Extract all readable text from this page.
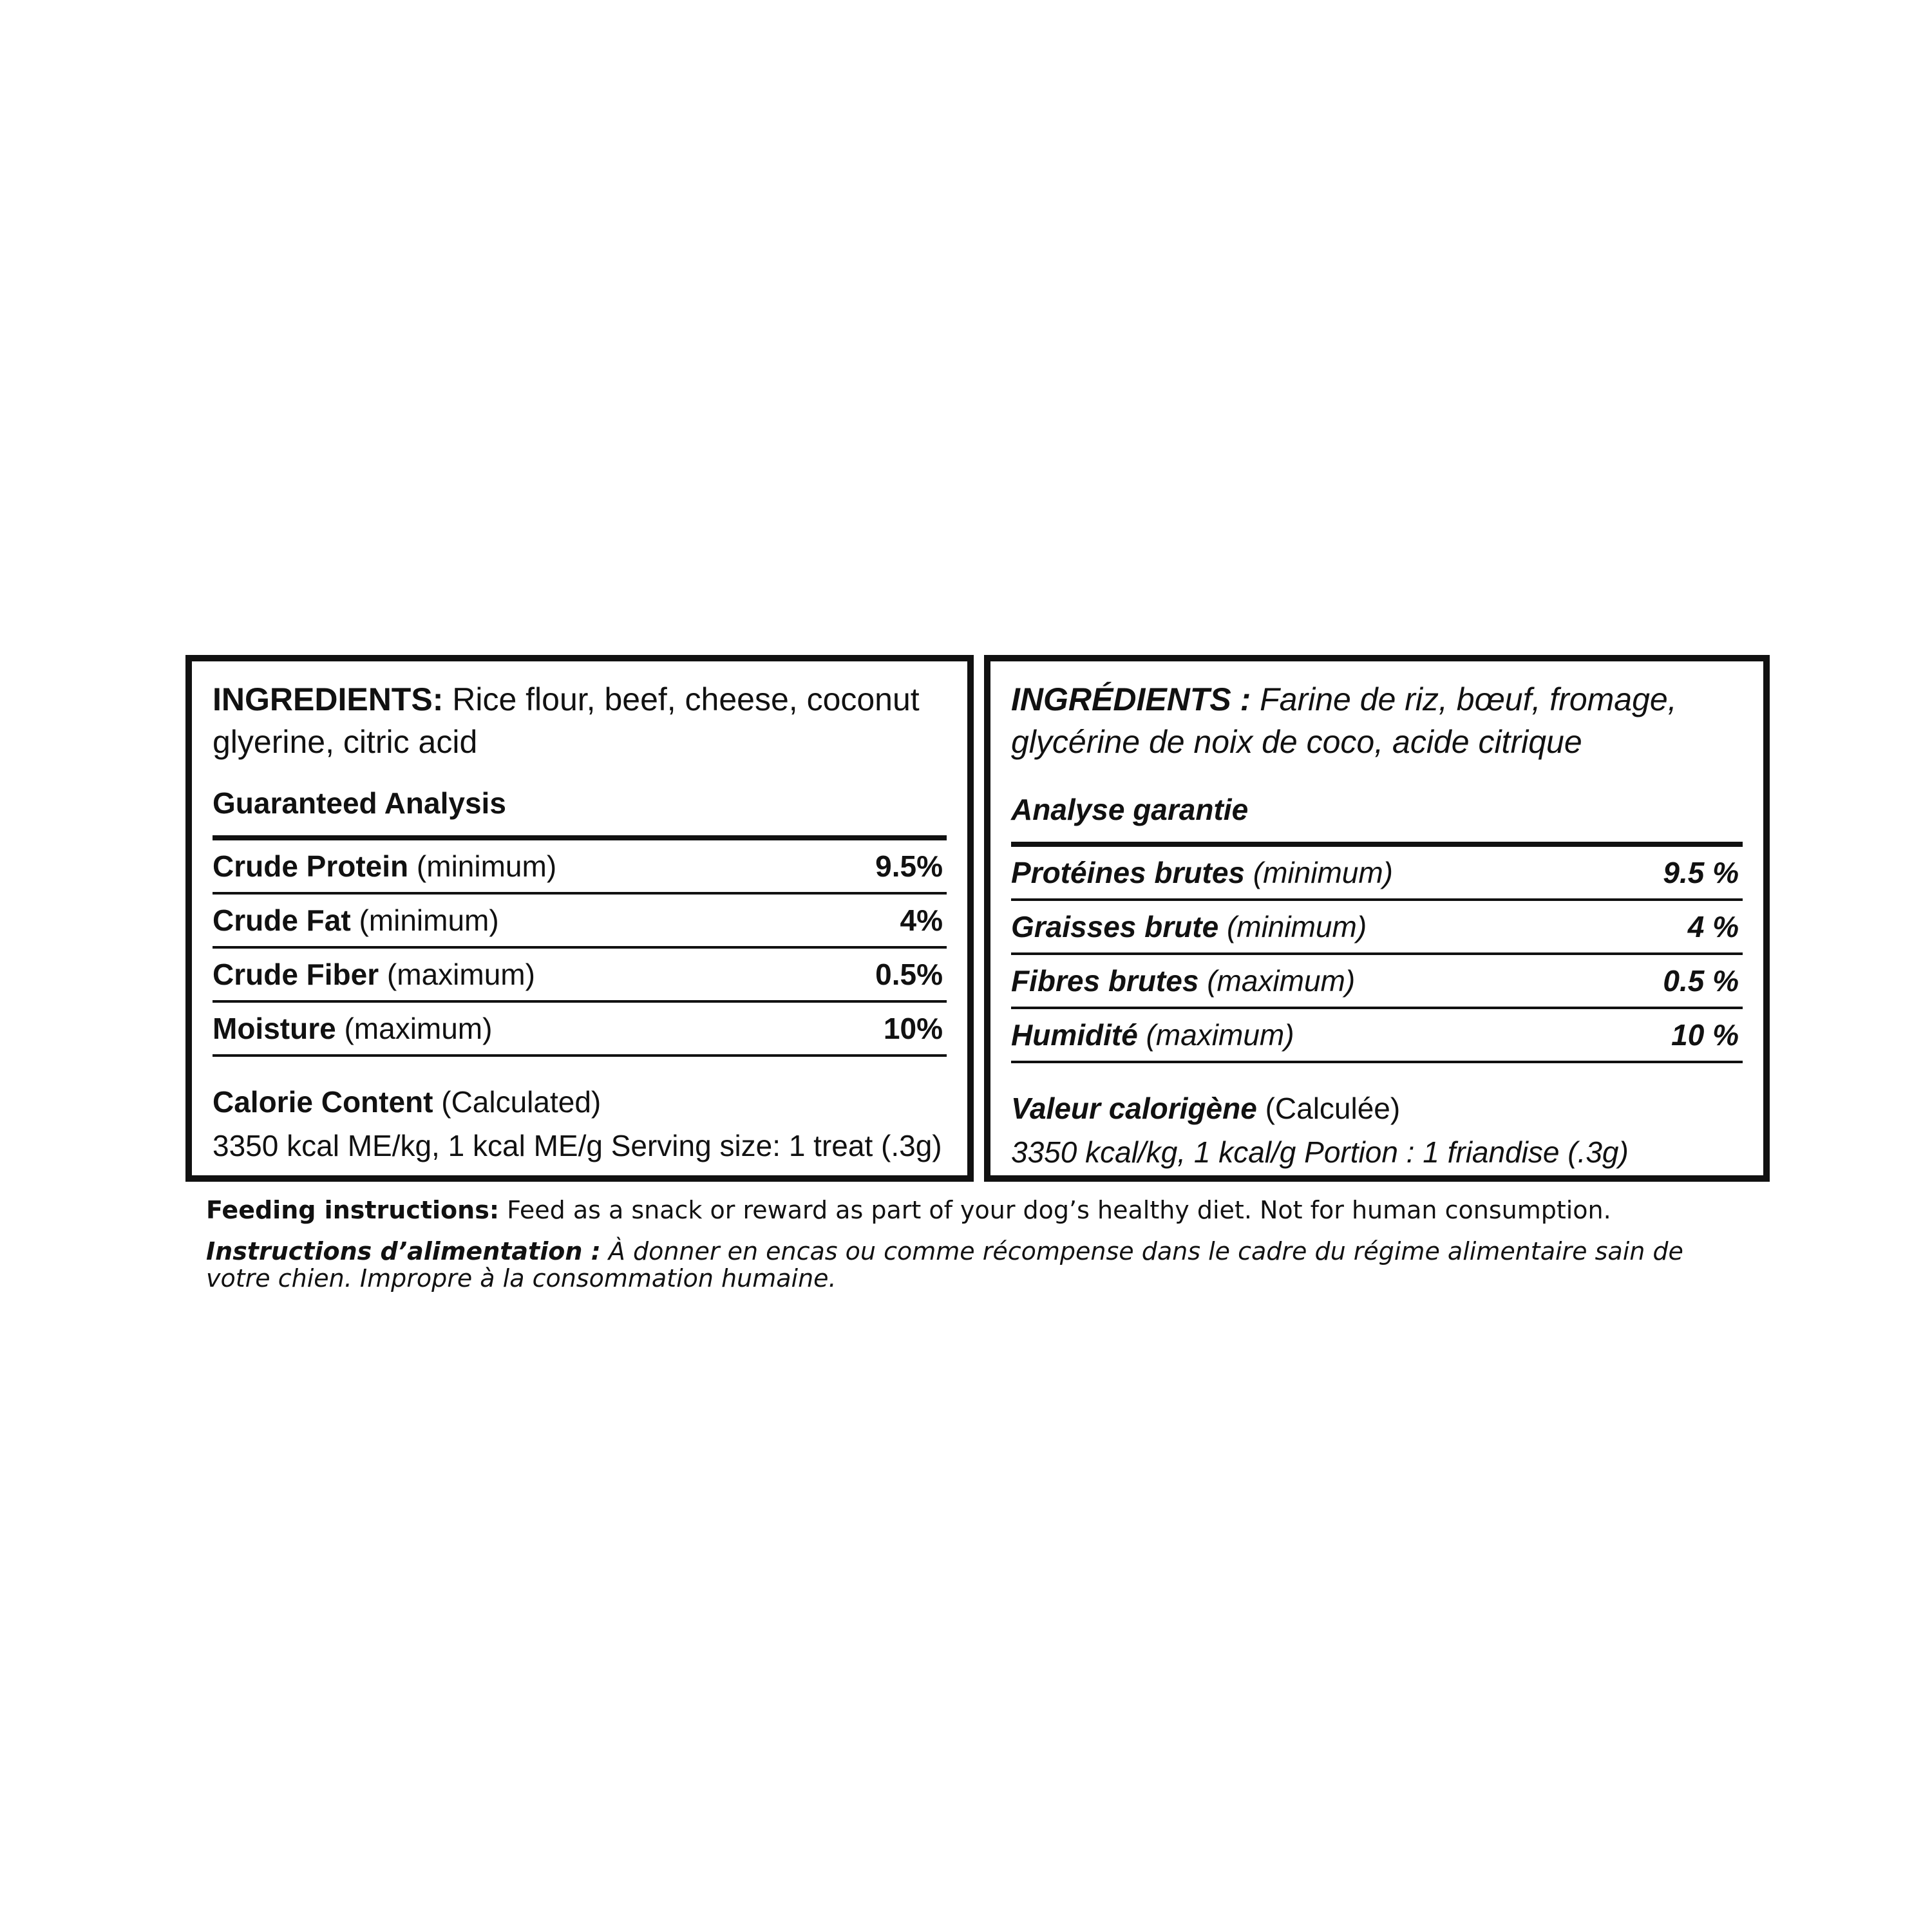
INGREDIENTS: Rice flour, beef, cheese, coconut glyerine, citric acid

Guaranteed Analysis
Crude Protein (minimum)	9.5%
Crude Fat (minimum)	4%
Crude Fiber (maximum)	0.5%
Moisture (maximum)	10%
Calorie Content (Calculated)
3350 kcal ME/kg, 1 kcal ME/g Serving size: 1 treat (.3g)

INGRÉDIENTS : Farine de riz, bœuf, fromage, glycérine de noix de coco, acide citrique

Analyse garantie
Protéines brutes (minimum)	9.5 %
Graisses brute (minimum)	4 %
Fibres brutes (maximum)	0.5 %
Humidité (maximum)	10 %
Valeur calorigène (Calculée)
3350 kcal/kg, 1 kcal/g Portion : 1 friandise (.3g)
Feeding instructions: Feed as a snack or reward as part of your dog’s healthy diet. Not for human consumption.
Instructions d’alimentation : À donner en encas ou comme récompense dans le cadre du régime alimentaire sain de votre chien. Impropre à la consommation humaine.
